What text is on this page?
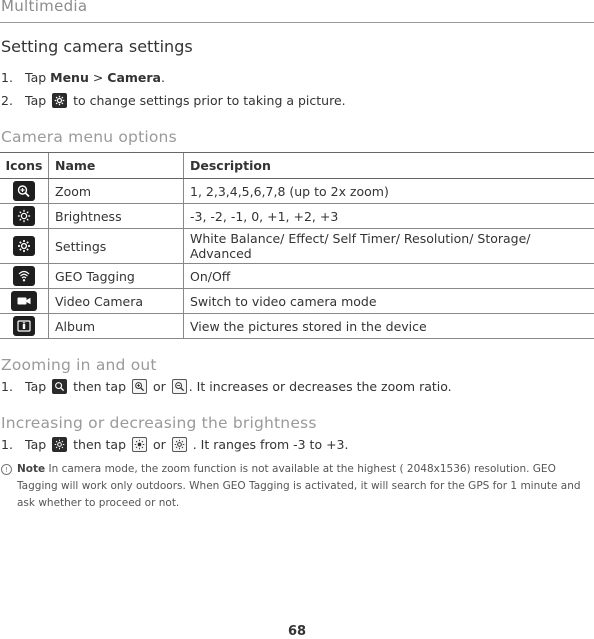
Multimedia
Setting camera settings
1. Tap Menu > Camera .
2. Tap to change settings prior to taking a picture.
Camera menu options
Icons	Name	Description

	Zoom	1, 2,3,4,5,6,7,8 (up to 2x zoom)

	Brightness	-3, -2, -1, 0, +1, +2, +3

	Settings	White Balance/ Effect/ Self Timer/ Resolution/ Storage/ Advanced

	GEO Tagging	On/Off

	Video Camera	Switch to video camera mode

	Album	View the pictures stored in the device
Zooming in and out
1. Tap then tap or . It increases or decreases the zoom ratio.
Increasing or decreasing the brightness
1. Tap then tap or . It ranges from -3 to +3.
! Note In camera mode, the zoom function is not available at the highest ( 2048x1536) resolution. GEO Tagging will work only outdoors. When GEO Tagging is activated, it will search for the GPS for 1 minute and ask whether to proceed or not.
68
